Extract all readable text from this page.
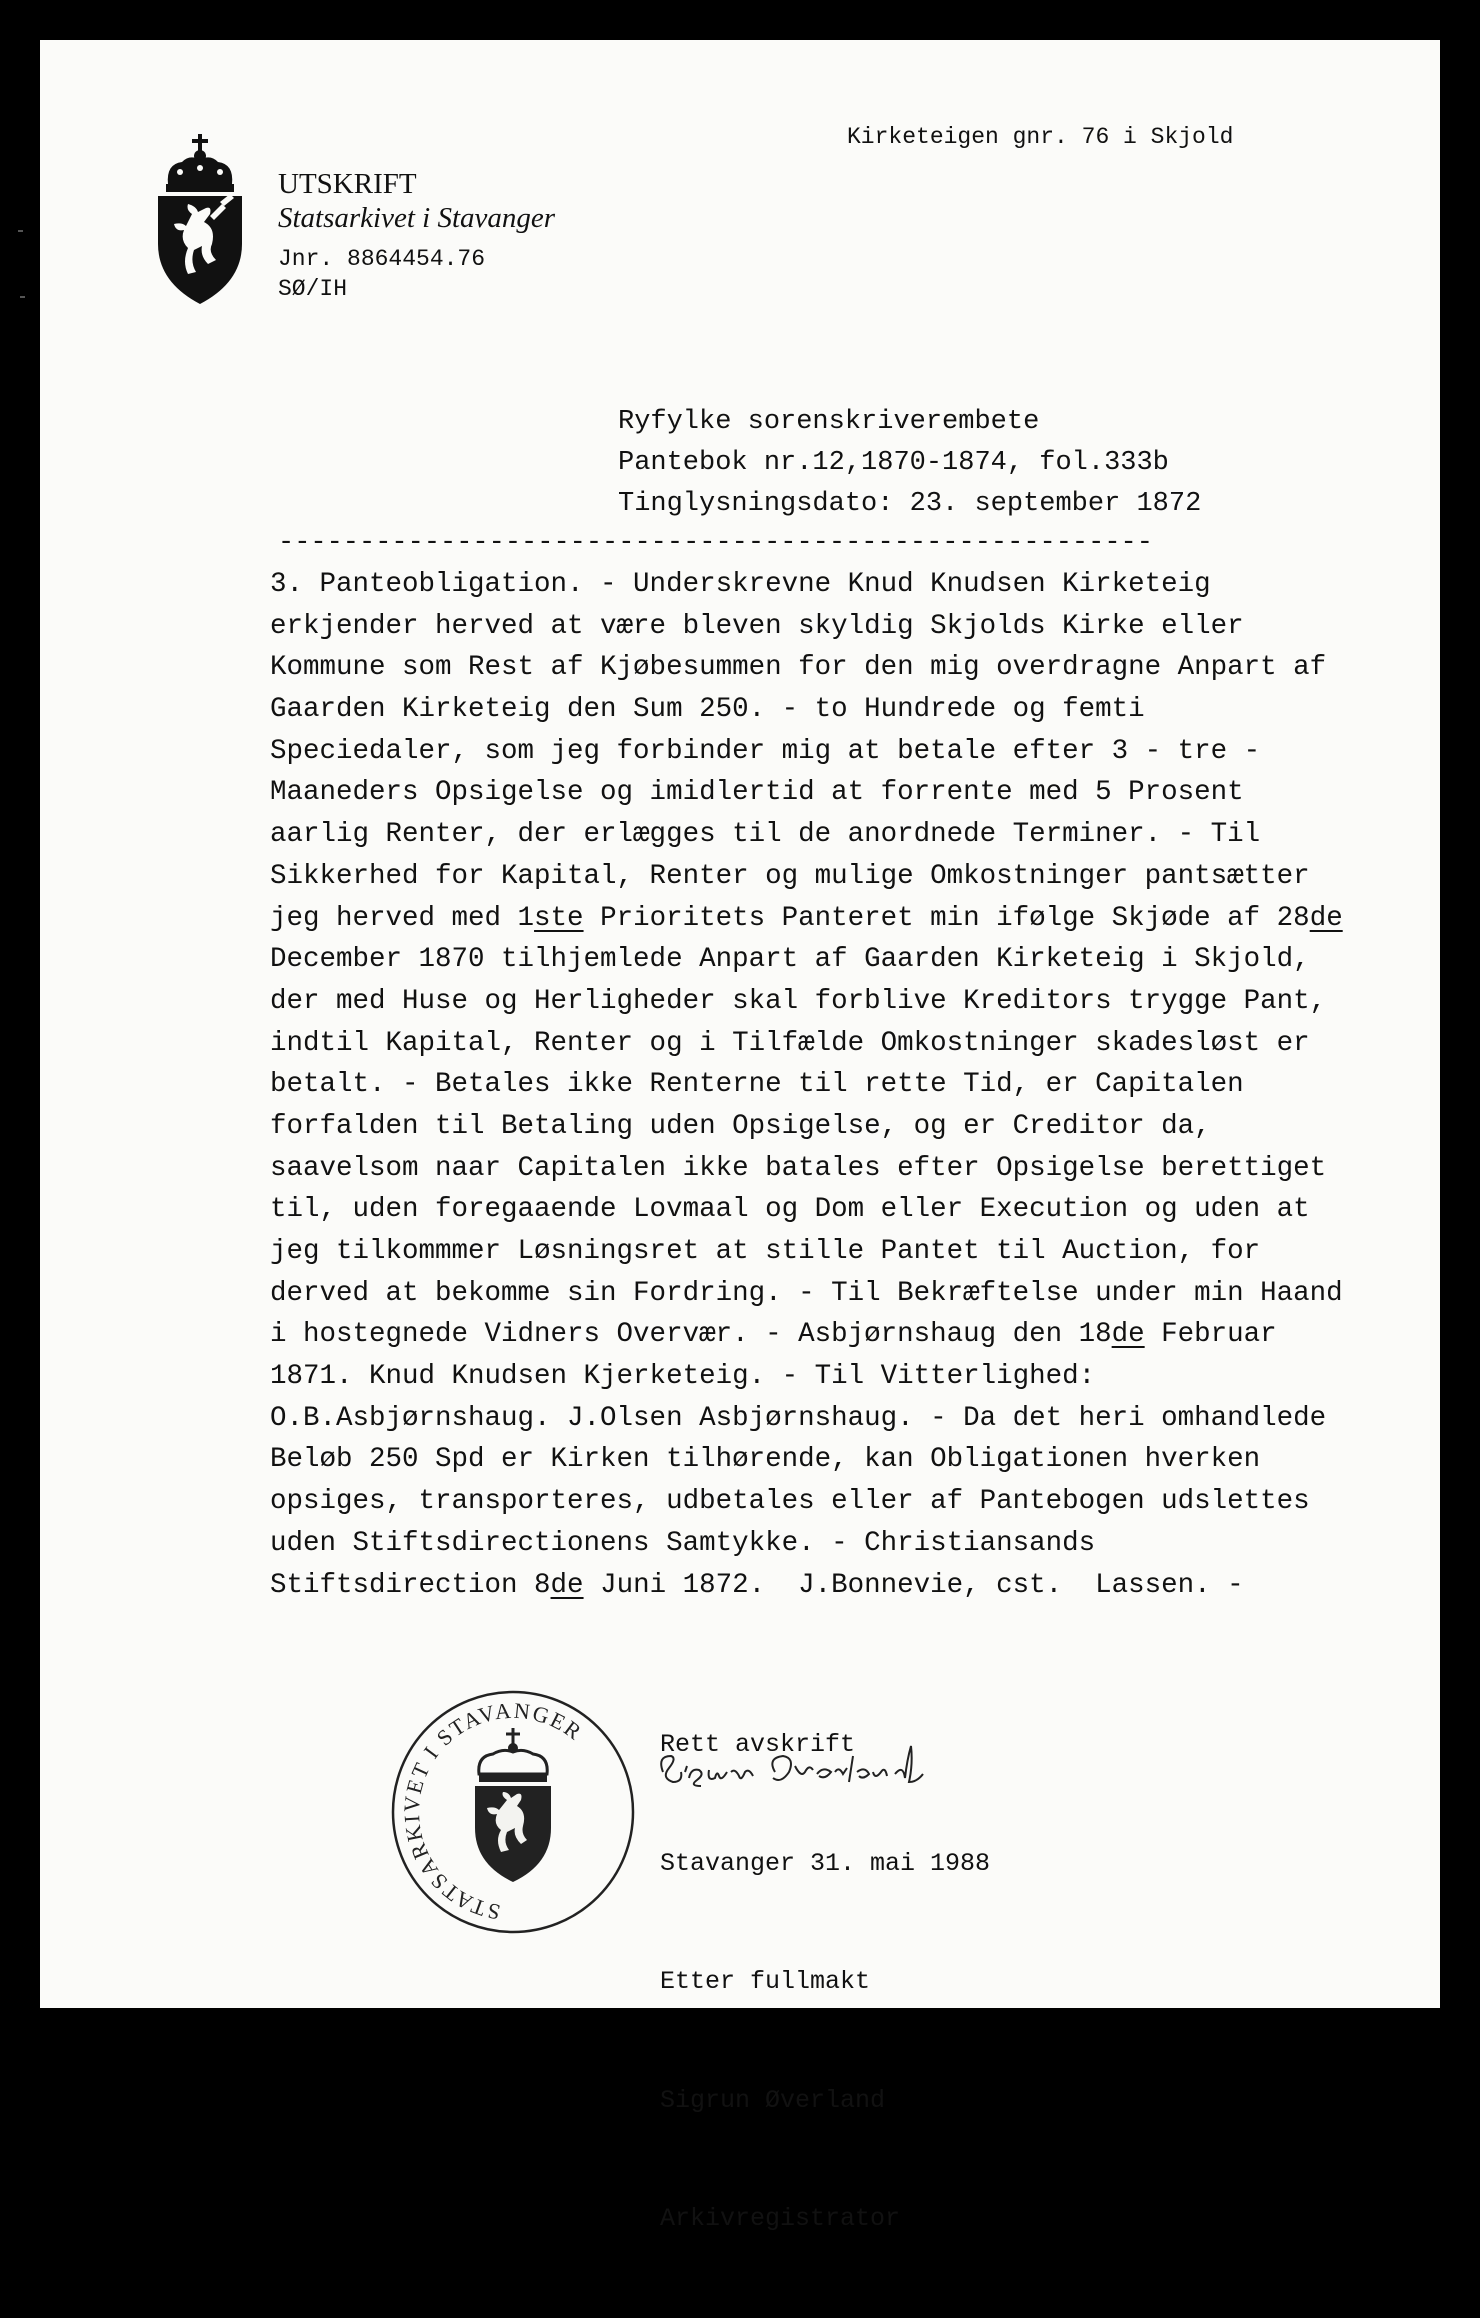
Kirketeigen gnr. 76 i Skjold
UTSKRIFT
Statsarkivet i Stavanger
Jnr. 8864454.76
SØ/IH
Ryfylke sorenskriverembete
Pantebok nr.12,1870-1874, fol.333b
Tinglysningsdato: 23. september 1872
------------------------------------------------------
3. Panteobligation. - Underskrevne Knud Knudsen Kirketeig
erkjender herved at være bleven skyldig Skjolds Kirke eller
Kommune som Rest af Kjøbesummen for den mig overdragne Anpart af
Gaarden Kirketeig den Sum 250. - to Hundrede og femti
Speciedaler, som jeg forbinder mig at betale efter 3 - tre -
Maaneders Opsigelse og imidlertid at forrente med 5 Prosent
aarlig Renter, der erlægges til de anordnede Terminer. - Til
Sikkerhed for Kapital, Renter og mulige Omkostninger pantsætter
jeg herved med 1ste Prioritets Panteret min ifølge Skjøde af 28de
December 1870 tilhjemlede Anpart af Gaarden Kirketeig i Skjold,
der med Huse og Herligheder skal forblive Kreditors trygge Pant,
indtil Kapital, Renter og i Tilfælde Omkostninger skadesløst er
betalt. - Betales ikke Renterne til rette Tid, er Capitalen
forfalden til Betaling uden Opsigelse, og er Creditor da,
saavelsom naar Capitalen ikke batales efter Opsigelse berettiget
til, uden foregaaende Lovmaal og Dom eller Execution og uden at
jeg tilkommmer Løsningsret at stille Pantet til Auction, for
derved at bekomme sin Fordring. - Til Bekræftelse under min Haand
i hostegnede Vidners Overvær. - Asbjørnshaug den 18de Februar
1871. Knud Knudsen Kjerketeig. - Til Vitterlighed:
O.B.Asbjørnshaug. J.Olsen Asbjørnshaug. - Da det heri omhandlede
Beløb 250 Spd er Kirken tilhørende, kan Obligationen hverken
opsiges, transporteres, udbetales eller af Pantebogen udslettes
uden Stiftsdirectionens Samtykke. - Christiansands
Stiftsdirection 8de Juni 1872.  J.Bonnevie, cst.  Lassen. -

Rett avskrift

Stavanger 31. mai 1988

Etter fullmakt

Sigrun Øverland

Arkivregistrator

STATSARKIVET I STAVANGER
